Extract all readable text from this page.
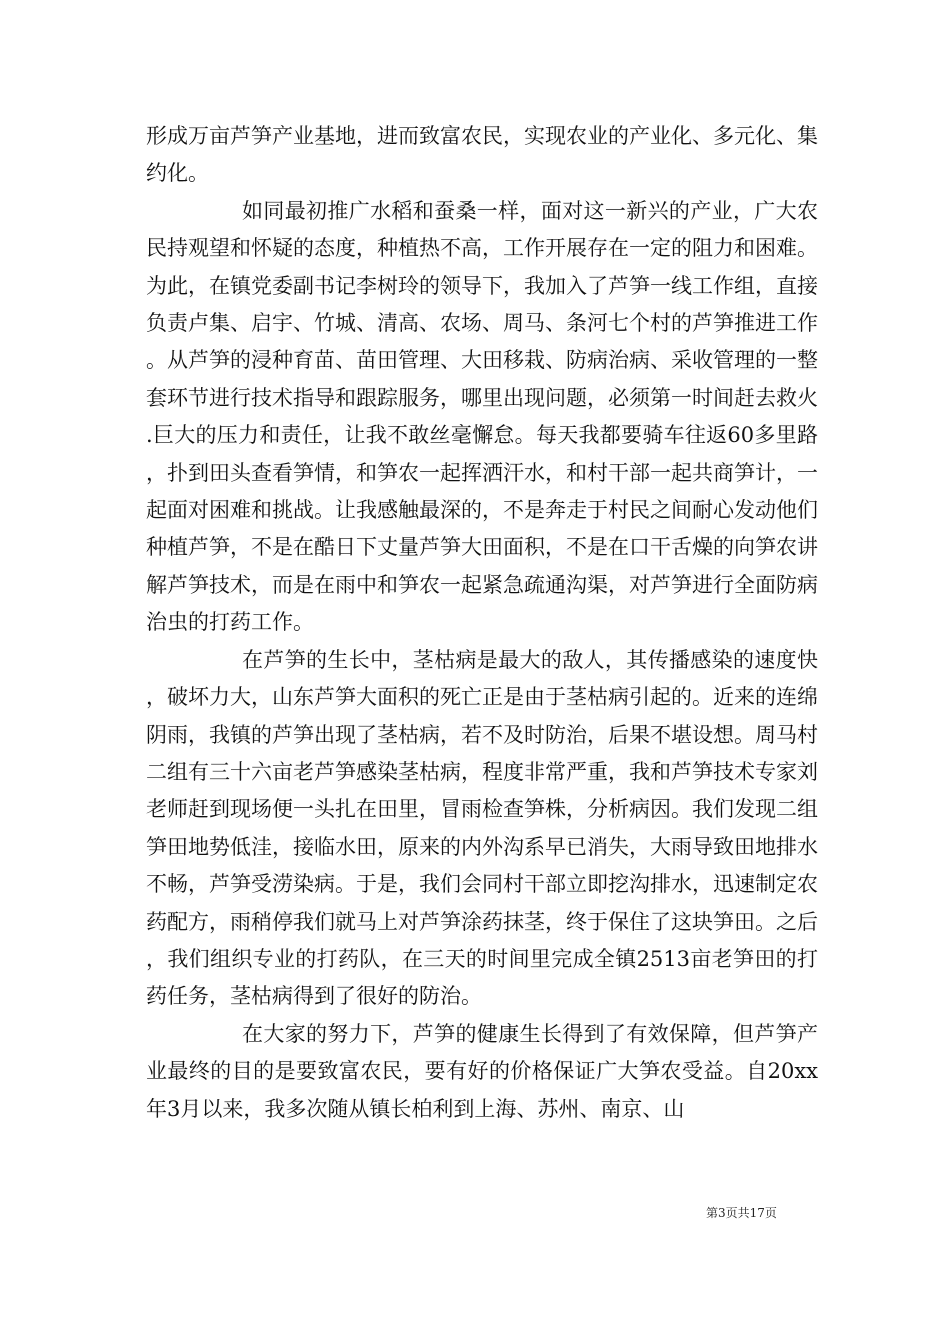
形成万亩芦笋产业基地，进而致富农民，实现农业的产业化、多元化、集约化。

如同最初推广水稻和蚕桑一样，面对这一新兴的产业，广大农民持观望和怀疑的态度，种植热不高，工作开展存在一定的阻力和困难。为此，在镇党委副书记李树玲的领导下，我加入了芦笋一线工作组，直接负责卢集、启宇、竹城、清高、农场、周马、条河七个村的芦笋推进工作。从芦笋的浸种育苗、苗田管理、大田移栽、防病治病、采收管理的一整套环节进行技术指导和跟踪服务，哪里出现问题，必须第一时间赶去救火.巨大的压力和责任，让我不敢丝毫懈怠。每天我都要骑车往返60多里路，扑到田头查看笋情，和笋农一起挥洒汗水，和村干部一起共商笋计，一起面对困难和挑战。让我感触最深的，不是奔走于村民之间耐心发动他们种植芦笋，不是在酷日下丈量芦笋大田面积，不是在口干舌燥的向笋农讲解芦笋技术，而是在雨中和笋农一起紧急疏通沟渠，对芦笋进行全面防病治虫的打药工作。

在芦笋的生长中，茎枯病是最大的敌人，其传播感染的速度快，破坏力大，山东芦笋大面积的死亡正是由于茎枯病引起的。近来的连绵阴雨，我镇的芦笋出现了茎枯病，若不及时防治，后果不堪设想。周马村二组有三十六亩老芦笋感染茎枯病，程度非常严重，我和芦笋技术专家刘老师赶到现场便一头扎在田里，冒雨检查笋株，分析病因。我们发现二组笋田地势低洼，接临水田，原来的内外沟系早已消失，大雨导致田地排水不畅，芦笋受涝染病。于是，我们会同村干部立即挖沟排水，迅速制定农药配方，雨稍停我们就马上对芦笋涂药抹茎，终于保住了这块笋田。之后，我们组织专业的打药队，在三天的时间里完成全镇2513亩老笋田的打药任务，茎枯病得到了很好的防治。

在大家的努力下，芦笋的健康生长得到了有效保障，但芦笋产业最终的目的是要致富农民，要有好的价格保证广大笋农受益。自20xx年3月以来，我多次随从镇长柏利到上海、苏州、南京、山

第3页共17页
